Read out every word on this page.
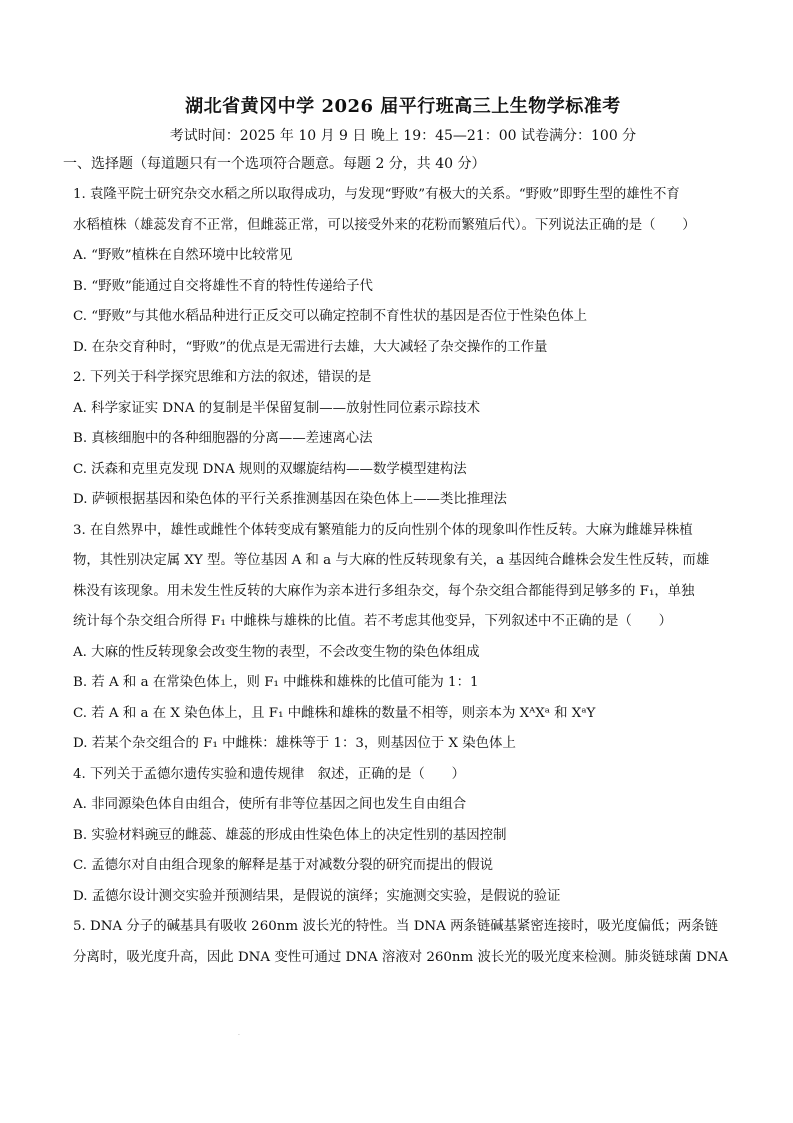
湖北省黄冈中学 2026 届平行班高三上生物学标准考
考试时间：2025 年 10 月 9 日 晚上 19：45—21：00 试卷满分：100 分
一、选择题（每道题只有一个选项符合题意。每题 2 分，共 40 分）
1. 袁隆平院士研究杂交水稻之所以取得成功，与发现“野败”有极大的关系。“野败”即野生型的雄性不育
水稻植株（雄蕊发育不正常，但雌蕊正常，可以接受外来的花粉而繁殖后代）。下列说法正确的是（　　）
A. “野败”植株在自然环境中比较常见
B. “野败”能通过自交将雄性不育的特性传递给子代
C. “野败”与其他水稻品种进行正反交可以确定控制不育性状的基因是否位于性染色体上
D. 在杂交育种时，“野败”的优点是无需进行去雄，大大减轻了杂交操作的工作量
2. 下列关于科学探究思维和方法的叙述，错误的是
A. 科学家证实 DNA 的复制是半保留复制——放射性同位素示踪技术
B. 真核细胞中的各种细胞器的分离——差速离心法
C. 沃森和克里克发现 DNA 规则的双螺旋结构——数学模型建构法
D. 萨顿根据基因和染色体的平行关系推测基因在染色体上——类比推理法
3. 在自然界中，雄性或雌性个体转变成有繁殖能力的反向性别个体的现象叫作性反转。大麻为雌雄异株植
物，其性别决定属 XY 型。等位基因 A 和 a 与大麻的性反转现象有关，a 基因纯合雌株会发生性反转，而雄
株没有该现象。用未发生性反转的大麻作为亲本进行多组杂交，每个杂交组合都能得到足够多的 F₁，单独
统计每个杂交组合所得 F₁ 中雌株与雄株的比值。若不考虑其他变异，下列叙述中不正确的是（　　）
A. 大麻的性反转现象会改变生物的表型，不会改变生物的染色体组成
B. 若 A 和 a 在常染色体上，则 F₁ 中雌株和雄株的比值可能为 1：1
C. 若 A 和 a 在 X 染色体上，且 F₁ 中雌株和雄株的数量不相等，则亲本为 XᴬXᵃ 和 XᵃY
D. 若某个杂交组合的 F₁ 中雌株：雄株等于 1：3，则基因位于 X 染色体上
4. 下列关于孟德尔遗传实验和遗传规律　叙述，正确的是（　　）
A. 非同源染色体自由组合，使所有非等位基因之间也发生自由组合
B. 实验材料豌豆的雌蕊、雄蕊的形成由性染色体上的决定性别的基因控制
C. 孟德尔对自由组合现象的解释是基于对减数分裂的研究而提出的假说
D. 孟德尔设计测交实验并预测结果，是假说的演绎；实施测交实验，是假说的验证
5. DNA 分子的碱基具有吸收 260nm 波长光的特性。当 DNA 两条链碱基紧密连接时，吸光度偏低；两条链
分离时，吸光度升高，因此 DNA 变性可通过 DNA 溶液对 260nm 波长光的吸光度来检测。肺炎链球菌 DNA
.
